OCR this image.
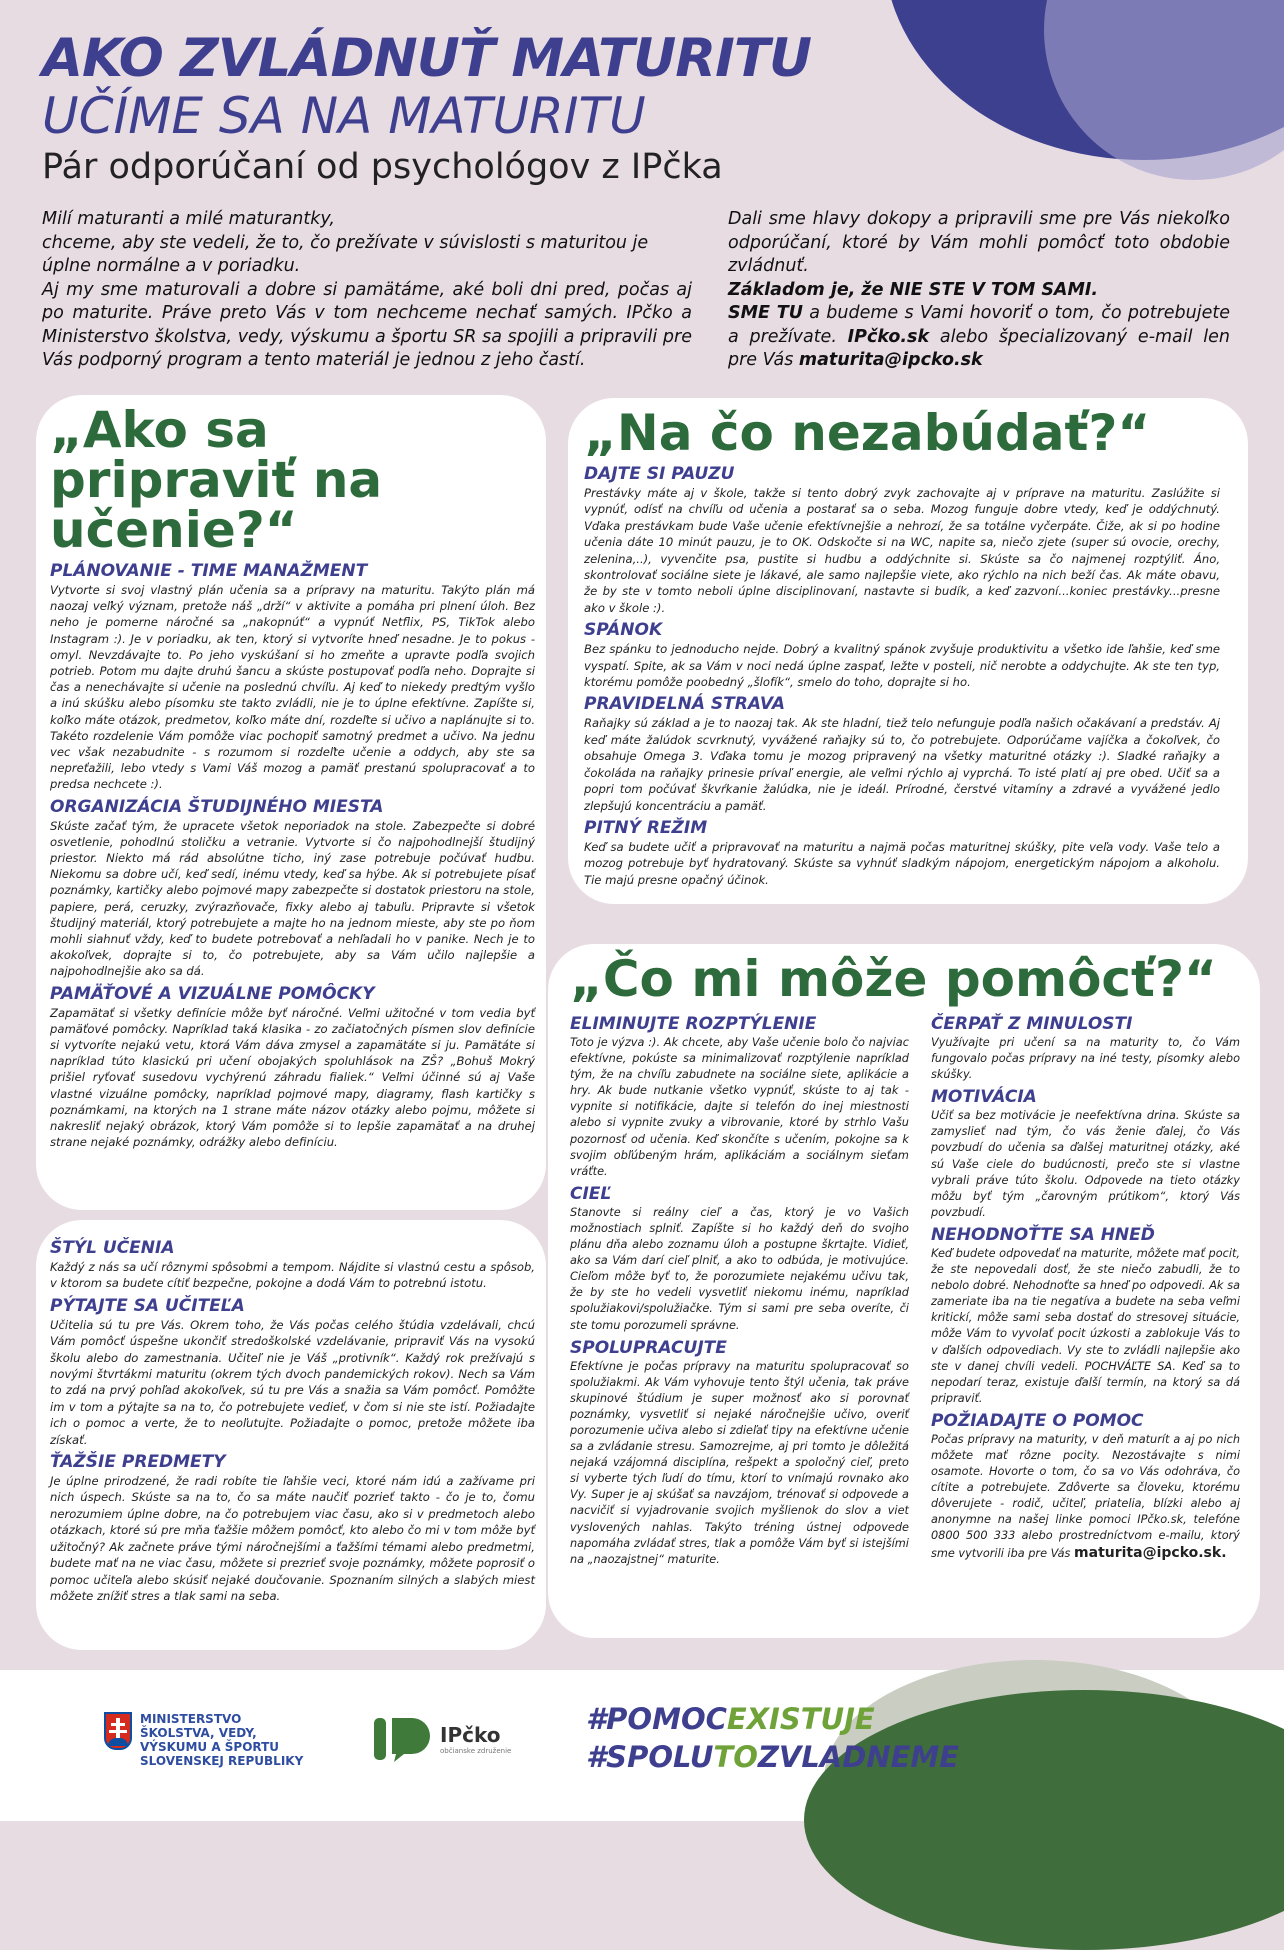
AKO ZVLÁDNUŤ MATURITU
UČÍME SA NA MATURITU
Pár odporúčaní od psychológov z IPčka
Milí maturanti a milé maturantky,
chceme, aby ste vedeli, že to, čo prežívate v súvislosti s maturitou je úplne normálne a v poriadku.
Aj my sme maturovali a dobre si pamätáme, aké boli dni pred, počas aj po maturite. Práve preto Vás v tom nechceme nechať samých. IPčko a Ministerstvo školstva, vedy, výskumu a športu SR sa spojili a pripravili pre Vás podporný program a tento materiál je jednou z jeho častí.
Dali sme hlavy dokopy a pripravili sme pre Vás niekoľko odporúčaní, ktoré by Vám mohli pomôcť toto obdobie zvládnuť.
Základom je, že NIE STE V TOM SAMI.
SME TU a budeme s Vami hovoriť o tom, čo potrebujete a prežívate. IPčko.sk alebo špecializovaný e-mail len pre Vás maturita@ipcko.sk
„Ako sa pripraviť na učenie?“
PLÁNOVANIE - TIME MANAŽMENT
Vytvorte si svoj vlastný plán učenia sa a prípravy na maturitu. Takýto plán má naozaj veľký význam, pretože náš „drží“ v aktivite a pomáha pri plnení úloh. Bez neho je pomerne náročné sa „nakopnúť“ a vypnúť Netflix, PS, TikTok alebo Instagram :). Je v poriadku, ak ten, ktorý si vytvoríte hneď nesadne. Je to pokus - omyl. Nevzdávajte to. Po jeho vyskúšaní si ho zmeňte a upravte podľa svojich potrieb. Potom mu dajte druhú šancu a skúste postupovať podľa neho. Doprajte si čas a nenechávajte si učenie na poslednú chvíľu. Aj keď to niekedy predtým vyšlo a inú skúšku alebo písomku ste takto zvládli, nie je to úplne efektívne. Zapíšte si, koľko máte otázok, predmetov, koľko máte dní, rozdeľte si učivo a naplánujte si to. Takéto rozdelenie Vám pomôže viac pochopiť samotný predmet a učivo. Na jednu vec však nezabudnite - s rozumom si rozdeľte učenie a oddych, aby ste sa nepreťažili, lebo vtedy s Vami Váš mozog a pamäť prestanú spolupracovať a to predsa nechcete :).
ORGANIZÁCIA ŠTUDIJNÉHO MIESTA
Skúste začať tým, že upracete všetok neporiadok na stole. Zabezpečte si dobré osvetlenie, pohodlnú stoličku a vetranie. Vytvorte si čo najpohodlnejší študijný priestor. Niekto má rád absolútne ticho, iný zase potrebuje počúvať hudbu. Niekomu sa dobre učí, keď sedí, inému vtedy, keď sa hýbe. Ak si potrebujete písať poznámky, kartičky alebo pojmové mapy zabezpečte si dostatok priestoru na stole, papiere, perá, ceruzky, zvýrazňovače, fixky alebo aj tabuľu. Pripravte si všetok študijný materiál, ktorý potrebujete a majte ho na jednom mieste, aby ste po ňom mohli siahnuť vždy, keď to budete potrebovať a nehľadali ho v panike. Nech je to akokoľvek, doprajte si to, čo potrebujete, aby sa Vám učilo najlepšie a najpohodlnejšie ako sa dá.
PAMÄŤOVÉ A VIZUÁLNE POMÔCKY
Zapamätať si všetky definície môže byť náročné. Veľmi užitočné v tom vedia byť pamäťové pomôcky. Napríklad taká klasika - zo začiatočných písmen slov definície si vytvoríte nejakú vetu, ktorá Vám dáva zmysel a zapamätáte si ju. Pamätáte si napríklad túto klasickú pri učení obojakých spoluhlások na ZŠ? „Bohuš Mokrý prišiel ryťovať susedovu vychýrenú záhradu fialiek.“ Veľmi účinné sú aj Vaše vlastné vizuálne pomôcky, napríklad pojmové mapy, diagramy, flash kartičky s poznámkami, na ktorých na 1 strane máte názov otázky alebo pojmu, môžete si nakresliť nejaký obrázok, ktorý Vám pomôže si to lepšie zapamätať a na druhej strane nejaké poznámky, odrážky alebo definíciu.
„Na čo nezabúdať?“
DAJTE SI PAUZU
Prestávky máte aj v škole, takže si tento dobrý zvyk zachovajte aj v príprave na maturitu. Zaslúžite si vypnúť, odísť na chvíľu od učenia a postarať sa o seba. Mozog funguje dobre vtedy, keď je oddýchnutý. Vďaka prestávkam bude Vaše učenie efektívnejšie a nehrozí, že sa totálne vyčerpáte. Čiže, ak si po hodine učenia dáte 10 minút pauzu, je to OK. Odskočte si na WC, napite sa, niečo zjete (super sú ovocie, orechy, zelenina,..), vyvenčite psa, pustite si hudbu a oddýchnite si. Skúste sa čo najmenej rozptýliť. Áno, skontrolovať sociálne siete je lákavé, ale samo najlepšie viete, ako rýchlo na nich beží čas. Ak máte obavu, že by ste v tomto neboli úplne disciplinovaní, nastavte si budík, a keď zazvoní...koniec prestávky...presne ako v škole :).
SPÁNOK
Bez spánku to jednoducho nejde. Dobrý a kvalitný spánok zvyšuje produktivitu a všetko ide ľahšie, keď sme vyspatí. Spite, ak sa Vám v noci nedá úplne zaspať, ležte v posteli, nič nerobte a oddychujte. Ak ste ten typ, ktorému pomôže poobedný „šlofík“, smelo do toho, doprajte si ho.
PRAVIDELNÁ STRAVA
Raňajky sú základ a je to naozaj tak. Ak ste hladní, tiež telo nefunguje podľa našich očakávaní a predstáv. Aj keď máte žalúdok scvrknutý, vyvážené raňajky sú to, čo potrebujete. Odporúčame vajíčka a čokoľvek, čo obsahuje Omega 3. Vďaka tomu je mozog pripravený na všetky maturitné otázky :). Sladké raňajky a čokoláda na raňajky prinesie prívaľ energie, ale veľmi rýchlo aj vyprchá. To isté platí aj pre obed. Učiť sa a popri tom počúvať škvŕkanie žalúdka, nie je ideál. Prírodné, čerstvé vitamíny a zdravé a vyvážené jedlo zlepšujú koncentráciu a pamäť.
PITNÝ REŽIM
Keď sa budete učiť a pripravovať na maturitu a najmä počas maturitnej skúšky, pite veľa vody. Vaše telo a mozog potrebuje byť hydratovaný. Skúste sa vyhnúť sladkým nápojom, energetickým nápojom a alkoholu. Tie majú presne opačný účinok.
ŠTÝL UČENIA
Každý z nás sa učí rôznymi spôsobmi a tempom. Nájdite si vlastnú cestu a spôsob, v ktorom sa budete cítiť bezpečne, pokojne a dodá Vám to potrebnú istotu.
PÝTAJTE SA UČITEĽA
Učitelia sú tu pre Vás. Okrem toho, že Vás počas celého štúdia vzdelávali, chcú Vám pomôcť úspešne ukončiť stredoškolské vzdelávanie, pripraviť Vás na vysokú školu alebo do zamestnania. Učiteľ nie je Váš „protivník“. Každý rok prežívajú s novými štvrtákmi maturitu (okrem tých dvoch pandemických rokov). Nech sa Vám to zdá na prvý pohľad akokoľvek, sú tu pre Vás a snažia sa Vám pomôcť. Pomôžte im v tom a pýtajte sa na to, čo potrebujete vedieť, v čom si nie ste istí. Požiadajte ich o pomoc a verte, že to neoľutujte. Požiadajte o pomoc, pretože môžete iba získať.
ŤAŽŠIE PREDMETY
Je úplne prirodzené, že radi robíte tie ľahšie veci, ktoré nám idú a zažívame pri nich úspech. Skúste sa na to, čo sa máte naučiť pozrieť takto - čo je to, čomu nerozumiem úplne dobre, na čo potrebujem viac času, ako si v predmetoch alebo otázkach, ktoré sú pre mňa ťažšie môžem pomôcť, kto alebo čo mi v tom môže byť užitočný? Ak začnete práve tými náročnejšími a ťažšími témami alebo predmetmi, budete mať na ne viac času, môžete si prezrieť svoje poznámky, môžete poprosiť o pomoc učiteľa alebo skúsiť nejaké doučovanie. Spoznaním silných a slabých miest môžete znížiť stres a tlak sami na seba.
„Čo mi môže pomôcť?“
ELIMINUJTE ROZPTÝLENIE
Toto je výzva :). Ak chcete, aby Vaše učenie bolo čo najviac efektívne, pokúste sa minimalizovať rozptýlenie napríklad tým, že na chvíľu zabudnete na sociálne siete, aplikácie a hry. Ak bude nutkanie všetko vypnúť, skúste to aj tak - vypnite si notifikácie, dajte si telefón do inej miestnosti alebo si vypnite zvuky a vibrovanie, ktoré by strhlo Vašu pozornosť od učenia. Keď skončíte s učením, pokojne sa k svojim obľúbeným hrám, aplikáciám a sociálnym sieťam vráťte.
CIEĽ
Stanovte si reálny cieľ a čas, ktorý je vo Vašich možnostiach splniť. Zapíšte si ho každý deň do svojho plánu dňa alebo zoznamu úloh a postupne škrtajte. Vidieť, ako sa Vám darí cieľ plniť, a ako to odbúda, je motivujúce. Cieľom môže byť to, že porozumiete nejakému učivu tak, že by ste ho vedeli vysvetliť niekomu inému, napríklad spolužiakovi/spolužiačke. Tým si sami pre seba overíte, či ste tomu porozumeli správne.
SPOLUPRACUJTE
Efektívne je počas prípravy na maturitu spolupracovať so spolužiakmi. Ak Vám vyhovuje tento štýl učenia, tak práve skupinové štúdium je super možnosť ako si porovnať poznámky, vysvetliť si nejaké náročnejšie učivo, overiť porozumenie učiva alebo si zdieľať tipy na efektívne učenie sa a zvládanie stresu. Samozrejme, aj pri tomto je dôležitá nejaká vzájomná disciplína, rešpekt a spoločný cieľ, preto si vyberte tých ľudí do tímu, ktorí to vnímajú rovnako ako Vy. Super je aj skúšať sa navzájom, trénovať si odpovede a nacvičiť si vyjadrovanie svojich myšlienok do slov a viet vyslovených nahlas. Takýto tréning ústnej odpovede napomáha zvládať stres, tlak a pomôže Vám byť si istejšími na „naozajstnej“ maturite.
ČERPAŤ Z MINULOSTI
Využívajte pri učení sa na maturity to, čo Vám fungovalo počas prípravy na iné testy, písomky alebo skúšky.
MOTIVÁCIA
Učiť sa bez motivácie je neefektívna drina. Skúste sa zamyslieť nad tým, čo vás ženie ďalej, čo Vás povzbudí do učenia sa ďalšej maturitnej otázky, aké sú Vaše ciele do budúcnosti, prečo ste si vlastne vybrali práve túto školu. Odpovede na tieto otázky môžu byť tým „čarovným prútikom“, ktorý Vás povzbudí.
NEHODNOŤTE SA HNEĎ
Keď budete odpovedať na maturite, môžete mať pocit, že ste nepovedali dosť, že ste niečo zabudli, že to nebolo dobré. Nehodnoťte sa hneď po odpovedi. Ak sa zameriate iba na tie negatíva a budete na seba veľmi kritickí, môže sami seba dostať do stresovej situácie, môže Vám to vyvolať pocit úzkosti a zablokuje Vás to v ďalších odpovediach. Vy ste to zvládli najlepšie ako ste v danej chvíli vedeli. POCHVÁĽTE SA. Keď sa to nepodarí teraz, existuje ďalší termín, na ktorý sa dá pripraviť.
POŽIADAJTE O POMOC
Počas prípravy na maturity, v deň maturít a aj po nich môžete mať rôzne pocity. Nezostávajte s nimi osamote. Hovorte o tom, čo sa vo Vás odohráva, čo cítite a potrebujete. Zdôverte sa človeku, ktorému dôverujete - rodič, učiteľ, priatelia, blízki alebo aj anonymne na našej linke pomoci IPčko.sk, telefóne 0800 500 333 alebo prostredníctvom e-mailu, ktorý sme vytvorili iba pre Vás maturita@ipcko.sk.
MINISTERSTVO
ŠKOLSTVA, VEDY,
VÝSKUMU A ŠPORTU
SLOVENSKEJ REPUBLIKY
IPčko
občianske združenie
#POMOCEXISTUJE
#SPOLUTOZVLADNEME
